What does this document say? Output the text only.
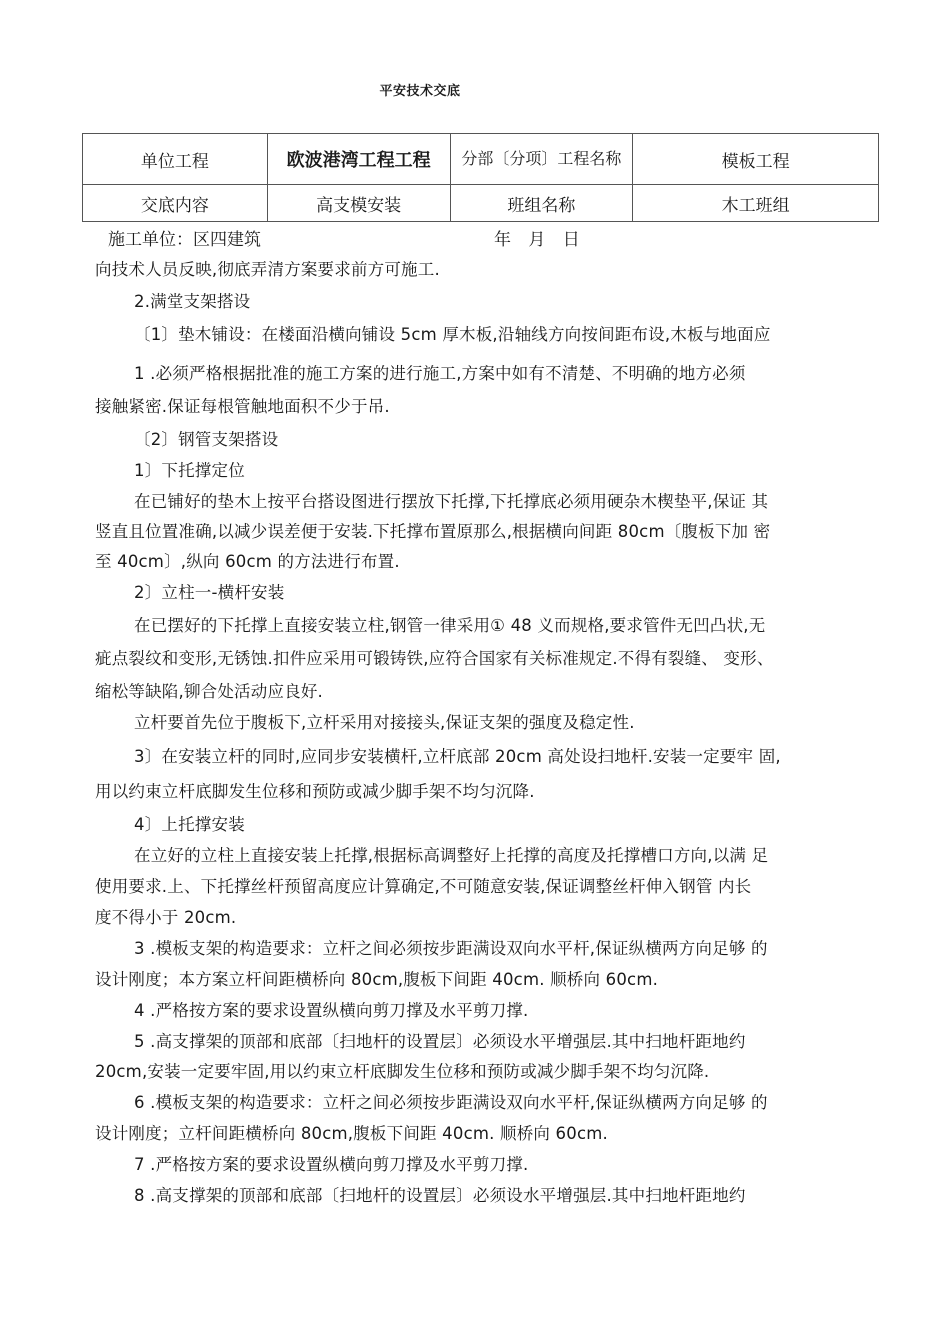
平安技术交底
单位工程	欧波港湾工程工程	分部〔分项〕工程名称	模板工程
交底内容	高支模安装	班组名称	木工班组
施工单位：区四建筑	年 月 日
向技术人员反映,彻底弄清方案要求前方可施工.
2.满堂支架搭设
〔1〕垫木铺设：在楼面沿横向铺设 5cm 厚木板,沿轴线方向按间距布设,木板与地面应
1 .必须严格根据批准的施工方案的进行施工,方案中如有不清楚、不明确的地方必须
接触紧密.保证每根管触地面积不少于吊.
〔2〕钢管支架搭设
1〕下托撑定位
在已铺好的垫木上按平台搭设图进行摆放下托撑,下托撑底必须用硬杂木楔垫平,保证 其
竖直且位置准确,以减少误差便于安装.下托撑布置原那么,根据横向间距 80cm〔腹板下加 密
至 40cm〕,纵向 60cm 的方法进行布置.
2〕立柱一-横杆安装
在已摆好的下托撑上直接安装立柱,钢管一律采用① 48 义而规格,要求管件无凹凸状,无
疵点裂纹和变形,无锈蚀.扣件应采用可锻铸铁,应符合国家有关标准规定.不得有裂缝、 变形、
缩松等缺陷,铆合处活动应良好.
立杆要首先位于腹板下,立杆采用对接接头,保证支架的强度及稳定性.
3〕在安装立杆的同时,应同步安装横杆,立杆底部 20cm 高处设扫地杆.安装一定要牢 固,
用以约束立杆底脚发生位移和预防或减少脚手架不均匀沉降.
4〕上托撑安装
在立好的立柱上直接安装上托撑,根据标高调整好上托撑的高度及托撑槽口方向,以满 足
使用要求.上、下托撑丝杆预留高度应计算确定,不可随意安装,保证调整丝杆伸入钢管 内长
度不得小于 20cm.
3 .模板支架的构造要求：立杆之间必须按步距满设双向水平杆,保证纵横两方向足够 的
设计刚度；本方案立杆间距横桥向 80cm,腹板下间距 40cm. 顺桥向 60cm.
4 .严格按方案的要求设置纵横向剪刀撑及水平剪刀撑.
5 .高支撑架的顶部和底部〔扫地杆的设置层〕必须设水平增强层.其中扫地杆距地约
20cm,安装一定要牢固,用以约束立杆底脚发生位移和预防或减少脚手架不均匀沉降.
6 .模板支架的构造要求：立杆之间必须按步距满设双向水平杆,保证纵横两方向足够 的
设计刚度；立杆间距横桥向 80cm,腹板下间距 40cm. 顺桥向 60cm.
7 .严格按方案的要求设置纵横向剪刀撑及水平剪刀撑.
8 .高支撑架的顶部和底部〔扫地杆的设置层〕必须设水平增强层.其中扫地杆距地约
